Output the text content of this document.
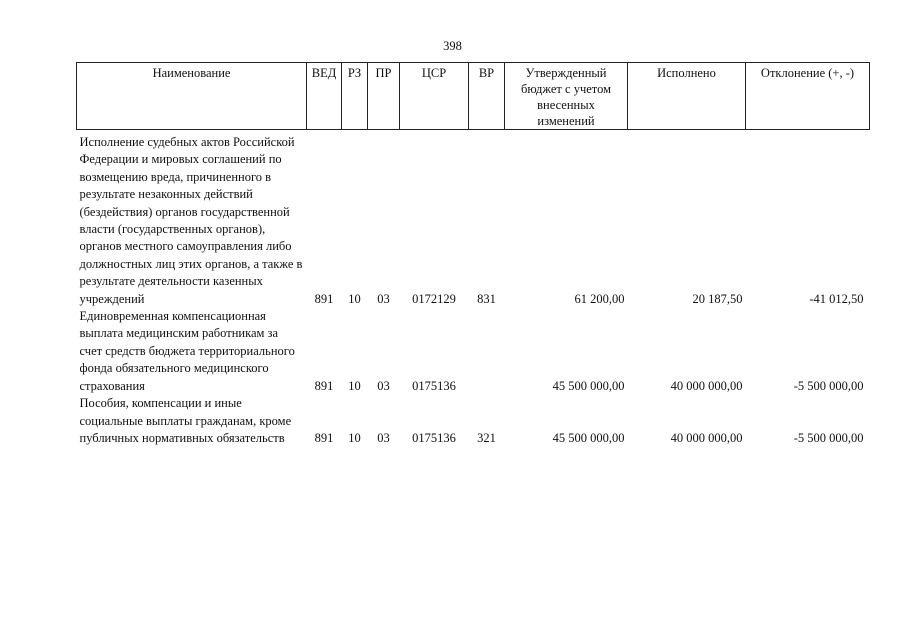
398
Наименование	ВЕД	РЗ	ПР	ЦСР	ВР	Утвержденный бюджет с учетом внесенных изменений	Исполнено	Отклонение (+, -)

Исполнение судебных актов Российской Федерации и мировых соглашений по возмещению вреда, причиненного в результате незаконных действий (бездействия) органов государственной власти (государственных органов), органов местного самоуправления либо должностных лиц этих органов, а также в результате деятельности казенных учреждений	891	10	03	0172129	831	61 200,00	20 187,50	-41 012,50
Единовременная компенсационная выплата медицинским работникам за счет средств бюджета территориального фонда обязательного медицинского страхования	891	10	03	0175136		45 500 000,00	40 000 000,00	-5 500 000,00
Пособия, компенсации и иные социальные выплаты гражданам, кроме публичных нормативных обязательств	891	10	03	0175136	321	45 500 000,00	40 000 000,00	-5 500 000,00
